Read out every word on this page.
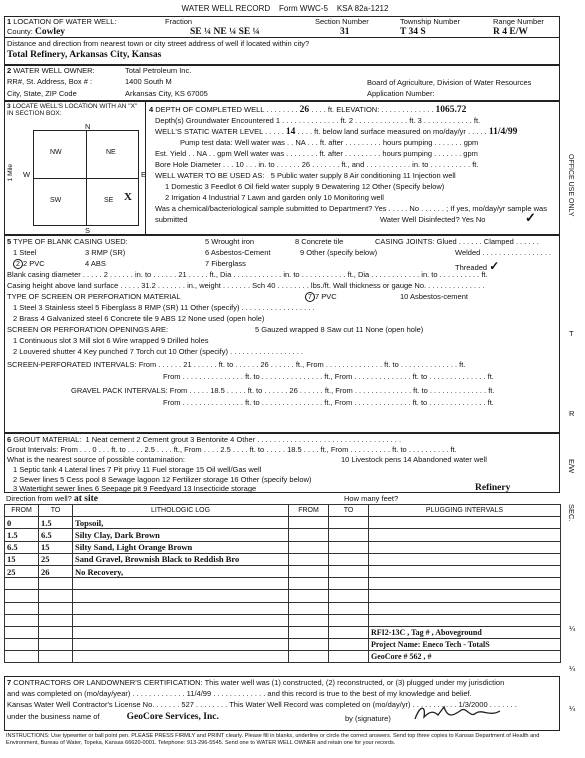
WATER WELL RECORD Form WWC-5 KSA 82a-1212
1 LOCATION OF WATER WELL:
County: Cowley
Fraction
SE ¼ NE ¼ SE ¼
Section Number
31
Township Number
T 34 S
Range Number
R 4 E/W
Distance and direction from nearest town or city street address of well if located within city?
Total Refinery, Arkansas City, Kansas
2 WATER WELL OWNER:	Total Petroleum Inc.
RR#, St. Address, Box # :	1400 South M
City, State, ZIP Code	Arkansas City, KS 67005
Board of Agriculture, Division of Water Resources
Application Number:
3 LOCATE WELL'S LOCATION WITH AN "X" IN SECTION BOX:
N
NW	NE
SW	SE X
W	E
S
1 Mile
4 DEPTH OF COMPLETED WELL . . . . . . . . 26 . . . . ft. ELEVATION: . . . . . . . . . . . . . 1065.72
Depth(s) Groundwater Encountered 1 . . . . . . . . . . . . . . ft. 2 . . . . . . . . . . . . . ft. 3 . . . . . . . . . . . . ft.
WELL'S STATIC WATER LEVEL . . . . . 14 . . . . ft. below land surface measured on mo/day/yr . . . . . 11/4/99
Pump test data: Well water was . . NA . . . ft. after . . . . . . . . . hours pumping . . . . . . . gpm
Est. Yield . . NA . . gpm Well water was . . . . . . . . ft. after . . . . . . . . . hours pumping . . . . . . . gpm
Bore Hole Diameter . . . 10 . . . in. to . . . . . . 26 . . . . . . . ft., and . . . . . . . . . . . in. to . . . . . . . . . . ft.
WELL WATER TO BE USED AS: 5 Public water supply 8 Air conditioning 11 Injection well
1 Domestic 3 Feedlot 6 Oil field water supply 9 Dewatering 12 Other (Specify below)
2 Irrigation 4 Industrial 7 Lawn and garden only 10 Monitoring well
Was a chemical/bacteriological sample submitted to Department? Yes . . . . . No . . . . . . ; If yes, mo/day/yr sample was
submitted	Water Well Disinfected? Yes No	✓
5 TYPE OF BLANK CASING USED:	5 Wrought iron	8 Concrete tile	CASING JOINTS: Glued . . . . . . Clamped . . . . . .
1 Steel	3 RMP (SR)	6 Asbestos-Cement	9 Other (specify below)	Welded . . . . . . . . . . . . . . . . .
2 2 PVC	4 ABS	7 Fiberglass	Threaded ✓
Blank casing diameter . . . . . 2 . . . . . . in. to . . . . . . 21 . . . . . ft., Dia . . . . . . . . . . . . in. to . . . . . . . . . . . ft., Dia . . . . . . . . . . . . in. to . . . . . . . . . . ft.
Casing height above land surface . . . . . 31.2 . . . . . . . in., weight . . . . . . . Sch 40 . . . . . . . . lbs./ft. Wall thickness or gauge No. . . . . . . . . . . . . . .
TYPE OF SCREEN OR PERFORATION MATERIAL	7 7 PVC	10 Asbestos-cement
1 Steel 3 Stainless steel 5 Fiberglass 8 RMP (SR) 11 Other (specify) . . . . . . . . . . . . . . . . . .
2 Brass 4 Galvanized steel 6 Concrete tile 9 ABS 12 None used (open hole)
SCREEN OR PERFORATION OPENINGS ARE:	5 Gauzed wrapped 8 Saw cut 11 None (open hole)
1 Continuous slot 3 Mill slot 6 Wire wrapped 9 Drilled holes
2 Louvered shutter 4 Key punched 7 Torch cut 10 Other (specify) . . . . . . . . . . . . . . . . . .
SCREEN-PERFORATED INTERVALS: From . . . . . . 21 . . . . . . ft. to . . . . . . 26 . . . . . . ft., From . . . . . . . . . . . . . . ft. to . . . . . . . . . . . . . . ft.
From . . . . . . . . . . . . . . . ft. to . . . . . . . . . . . . . . . ft., From . . . . . . . . . . . . . . ft. to . . . . . . . . . . . . . . ft.
GRAVEL PACK INTERVALS: From . . . . . 18.5 . . . . . ft. to . . . . . . 26 . . . . . . ft., From . . . . . . . . . . . . . . ft. to . . . . . . . . . . . . . . ft.
From . . . . . . . . . . . . . . . ft. to . . . . . . . . . . . . . . . ft., From . . . . . . . . . . . . . . ft. to . . . . . . . . . . . . . . ft.
6 GROUT MATERIAL: 1 Neat cement 2 Cement grout 3 Bentonite 4 Other . . . . . . . . . . . . . . . . . . . . . . . . . . . . . . . . . . .
Grout Intervals: From . . . 0 . . . ft. to . . . . 2.5 . . . . ft., From . . . . 2.5 . . . . ft. to . . . . . 18.5 . . . . ft., From . . . . . . . . . . ft. to . . . . . . . . . . ft.
What is the nearest source of possible contamination:	10 Livestock pens 14 Abandoned water well
1 Septic tank 4 Lateral lines 7 Pit privy 11 Fuel storage 15 Oil well/Gas well
2 Sewer lines 5 Cess pool 8 Sewage lagoon 12 Fertilizer storage 16 Other (specify below)
3 Watertight sewer lines 6 Seepage pit 9 Feedyard 13 Insecticide storage	Refinery
Direction from well? at site	How many feet?
FROM	TO	LITHOLOGIC LOG	FROM	TO	PLUGGING INTERVALS
0	1.5	Topsoil,			
1.5	6.5	Silty Clay, Dark Brown			
6.5	15	Silty Sand, Light Orange Brown			
15	25	Sand Gravel, Brownish Black to Reddish Bro			
25	26	No Recovery,			

					RFI2-13C , Tag # , Aboveground
					Project Name: Eneco Tech - TotalS
					GeoCore # 562 , #
7 CONTRACTORS OR LANDOWNER'S CERTIFICATION: This water well was (1) constructed, (2) reconstructed, or (3) plugged under my jurisdiction
and was completed on (mo/day/year) . . . . . . . . . . . . . 11/4/99 . . . . . . . . . . . . . and this record is true to the best of my knowledge and belief.
Kansas Water Well Contractor's License No. . . . . . . 527 . . . . . . . . This Water Well Record was completed on (mo/day/yr) . . . . . . . . . . . 1/3/2000 . . . . . . .
under the business name of	GeoCore Services, Inc.	by (signature)
INSTRUCTIONS: Use typewriter or ball point pen. PLEASE PRESS FIRMLY and PRINT clearly. Please fill in blanks, underline or circle the correct answers. Send top three copies to Kansas Department of Health and Environment, Bureau of Water, Topeka, Kansas 66620-0001. Telephone: 913-296-5545. Send one to WATER WELL OWNER and retain one for your records.
OFFICE USE ONLY
T
R
E/W
SEC.
¼
¼
¼
